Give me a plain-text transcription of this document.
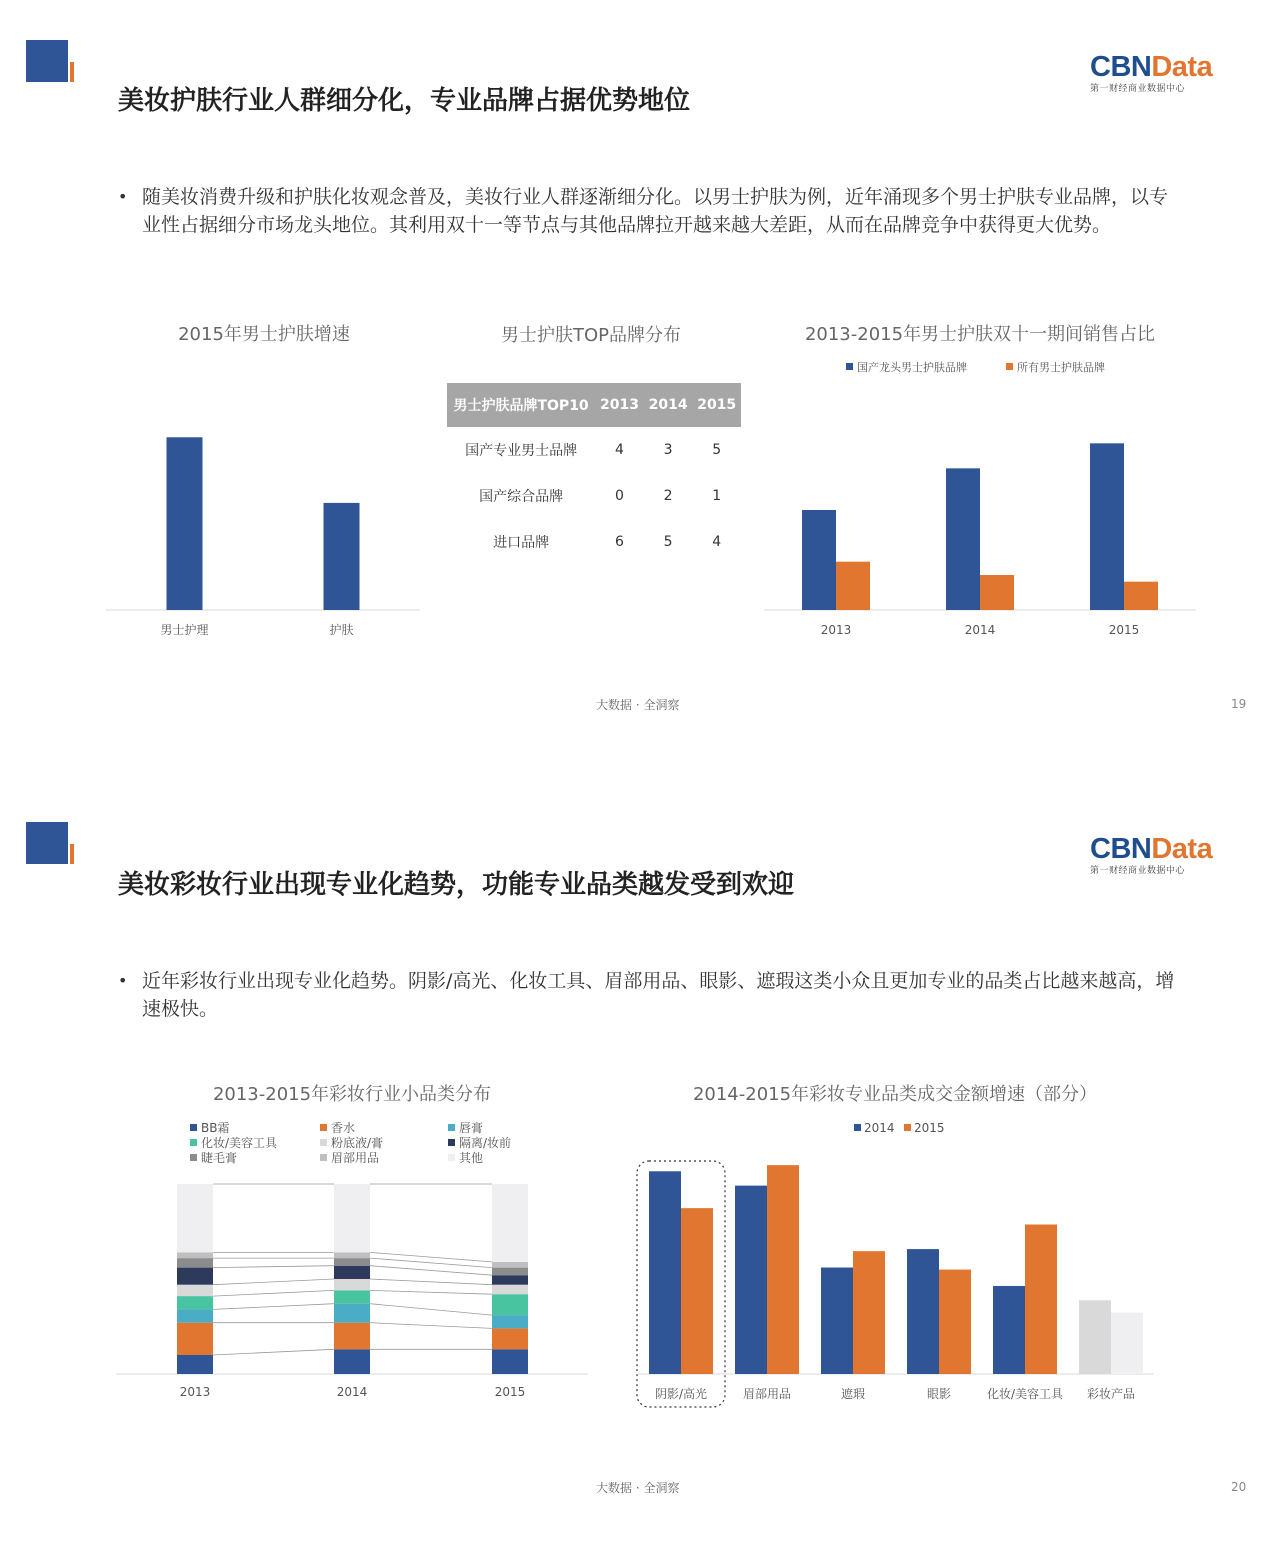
美妆护肤行业人群细分化，专业品牌占据优势地位
CBNData
第一财经商业数据中心
• 随美妆消费升级和护肤化妆观念普及，美妆行业人群逐渐细分化。以男士护肤为例，近年涌现多个男士护肤专业品牌，以专业性占据细分市场龙头地位。其利用双十一等节点与其他品牌拉开越来越大差距，从而在品牌竞争中获得更大优势。
2015年男士护肤增速
男士护理	护肤
男士护肤TOP品牌分布
男士护肤品牌TOP10	2013	2014	2015
国产专业男士品牌	4	3	5
国产综合品牌	0	2	1
进口品牌	6	5	4
2013-2015年男士护肤双十一期间销售占比
国产龙头男士护肤品牌	所有男士护肤品牌
2013	2014	2015
大数据 · 全洞察	19
美妆彩妆行业出现专业化趋势，功能专业品类越发受到欢迎
CBNData
第一财经商业数据中心
• 近年彩妆行业出现专业化趋势。阴影/高光、化妆工具、眉部用品、眼影、遮瑕这类小众且更加专业的品类占比越来越高，增速极快。
2013-2015年彩妆行业小品类分布
BB霜	香水	唇膏
化妆/美容工具	粉底液/膏	隔离/妆前
睫毛膏	眉部用品	其他
2013	2014	2015
2014-2015年彩妆专业品类成交金额增速（部分）
2014 2015
阴影/高光	眉部用品	遮瑕	眼影	化妆/美容工具 彩妆产品
大数据 · 全洞察	20
